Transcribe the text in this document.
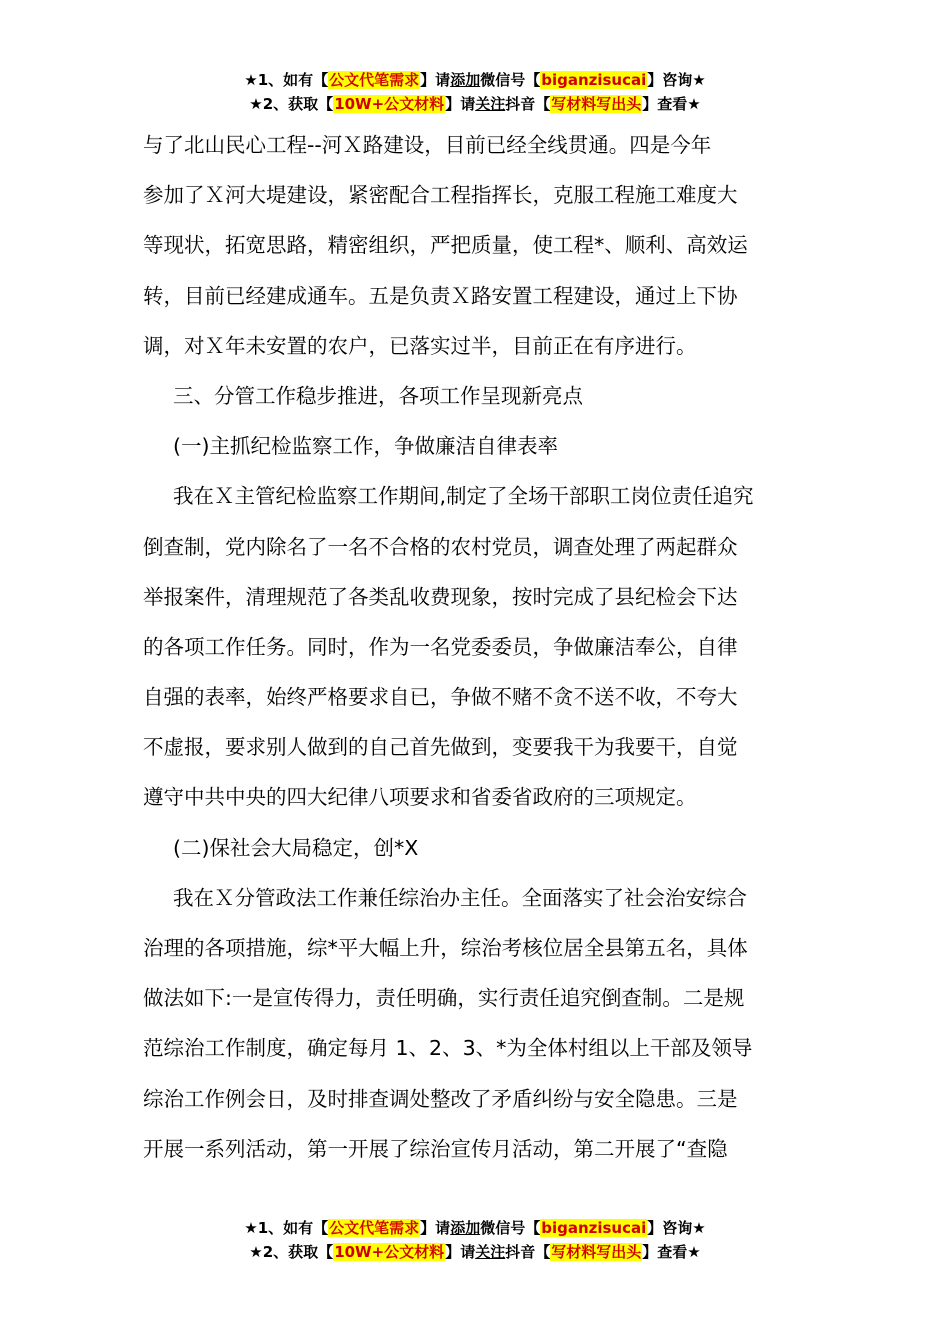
★1、如有【公文代笔需求】请添加微信号【biganzisucai】咨询★
★2、获取【10W+公文材料】请关注抖音【写材料写出头】查看★
与了北山民心工程--河Ｘ路建设，目前已经全线贯通。四是今年
参加了Ｘ河大堤建设，紧密配合工程指挥长，克服工程施工难度大
等现状，拓宽思路，精密组织，严把质量，使工程*、顺利、高效运
转，目前已经建成通车。五是负责Ｘ路安置工程建设，通过上下协
调，对Ｘ年未安置的农户，已落实过半，目前正在有序进行。
三、分管工作稳步推进，各项工作呈现新亮点
(一)主抓纪检监察工作，争做廉洁自律表率
我在Ｘ主管纪检监察工作期间,制定了全场干部职工岗位责任追究
倒查制，党内除名了一名不合格的农村党员，调查处理了两起群众
举报案件，清理规范了各类乱收费现象，按时完成了县纪检会下达
的各项工作任务。同时，作为一名党委委员，争做廉洁奉公，自律
自强的表率，始终严格要求自已，争做不赌不贪不送不收，不夸大
不虚报，要求别人做到的自己首先做到，变要我干为我要干，自觉
遵守中共中央的四大纪律八项要求和省委省政府的三项规定。
(二)保社会大局稳定，创*X
我在Ｘ分管政法工作兼任综治办主任。全面落实了社会治安综合
治理的各项措施，综*平大幅上升，综治考核位居全县第五名，具体
做法如下:一是宣传得力，责任明确，实行责任追究倒查制。二是规
范综治工作制度，确定每月 1、2、3、*为全体村组以上干部及领导
综治工作例会日，及时排查调处整改了矛盾纠纷与安全隐患。三是
开展一系列活动，第一开展了综治宣传月活动，第二开展了“查隐
★1、如有【公文代笔需求】请添加微信号【biganzisucai】咨询★
★2、获取【10W+公文材料】请关注抖音【写材料写出头】查看★
